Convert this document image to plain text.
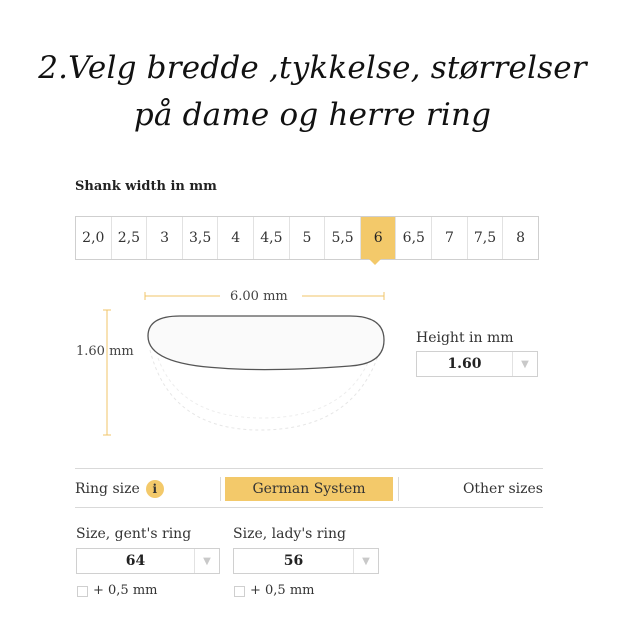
2.Velg bredde ,tykkelse, størrelser
på dame og herre ring
Shank width in mm
2,0 2,5	3	3,5	4	4,5	5	5,5	6	6,5	7	7,5	8
6.00 mm
1.60 mm
Height in mm
1.60	▼
Ring size	i	German System	Other sizes
Size, gent's ring
64	▼
+ 0,5 mm
Size, lady's ring
56	▼
+ 0,5 mm
